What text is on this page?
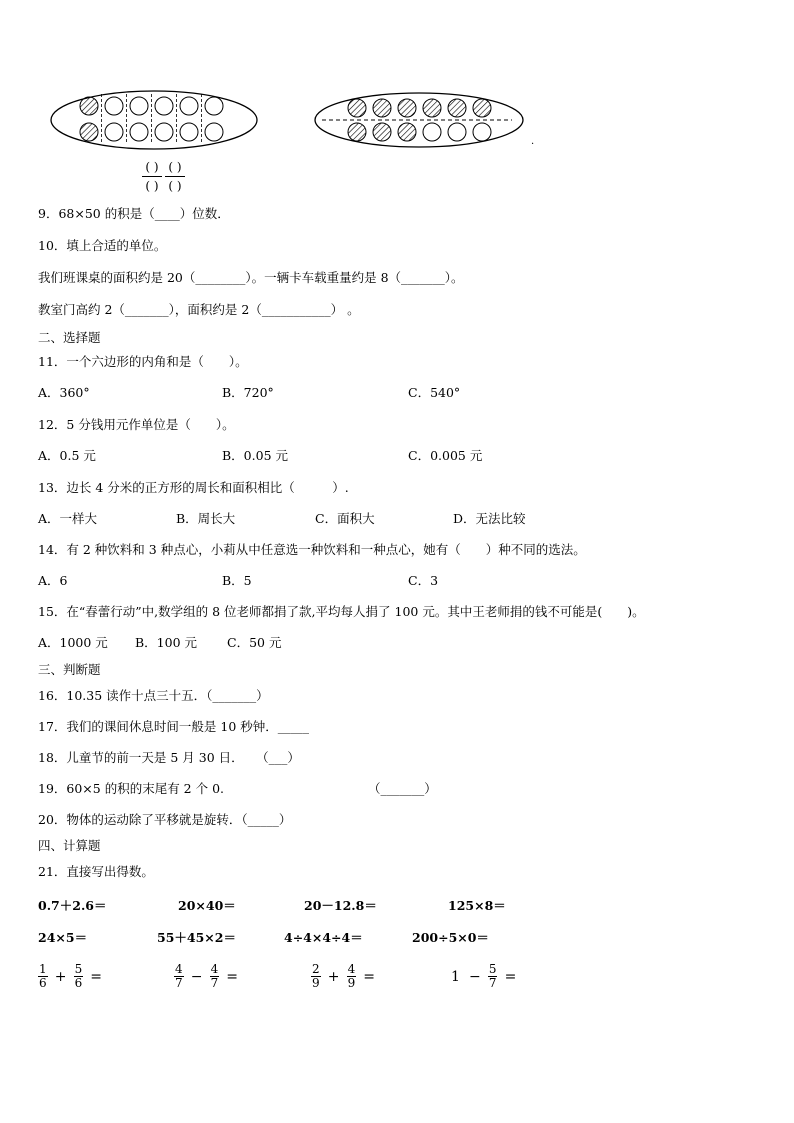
.
( )
( )
( )
( )
9．68×50 的积是（____）位数．
10．填上合适的单位。
我们班课桌的面积约是 20（________）。一辆卡车载重量约是 8（_______）。
教室门高约 2（_______），面积约是 2（___________） 。
二、选择题
11．一个六边形的内角和是（　　）。
A．360°	B．720°	C．540°
12．5 分钱用元作单位是（　　）。
A．0.5 元	B．0.05 元	C．0.005 元
13．边长 4 分米的正方形的周长和面积相比（　　　）.
A．一样大	B．周长大	C．面积大	D．无法比较
14．有 2 种饮料和 3 种点心，小莉从中任意选一种饮料和一种点心，她有（　　）种不同的选法。
A．6	B．5	C．3
15．在“春蕾行动”中,数学组的 8 位老师都捐了款,平均每人捐了 100 元。其中王老师捐的钱不可能是(　　)。
A．1000 元 B．100 元 C．50 元
三、判断题
16．10.35 读作十点三十五．（_______）
17．我们的课间休息时间一般是 10 秒钟．_____
18．儿童节的前一天是 5 月 30 日．　　（___）
19．60×5 的积的末尾有 2 个 0.	（_______）
20．物体的运动除了平移就是旋转．（_____）
四、计算题
21．直接写出得数。
0.7＋2.6＝	20×40＝	20－12.8＝	125×8＝
24×5＝	55＋45×2＝	4÷4×4÷4＝	200÷5×0＝
$\frac{1}{6} + \frac{5}{6}$ =	$\frac{4}{7} - \frac{4}{7}$ =	$\frac{2}{9} + \frac{4}{9}$ =	$1 - \frac{5}{7}$ =
